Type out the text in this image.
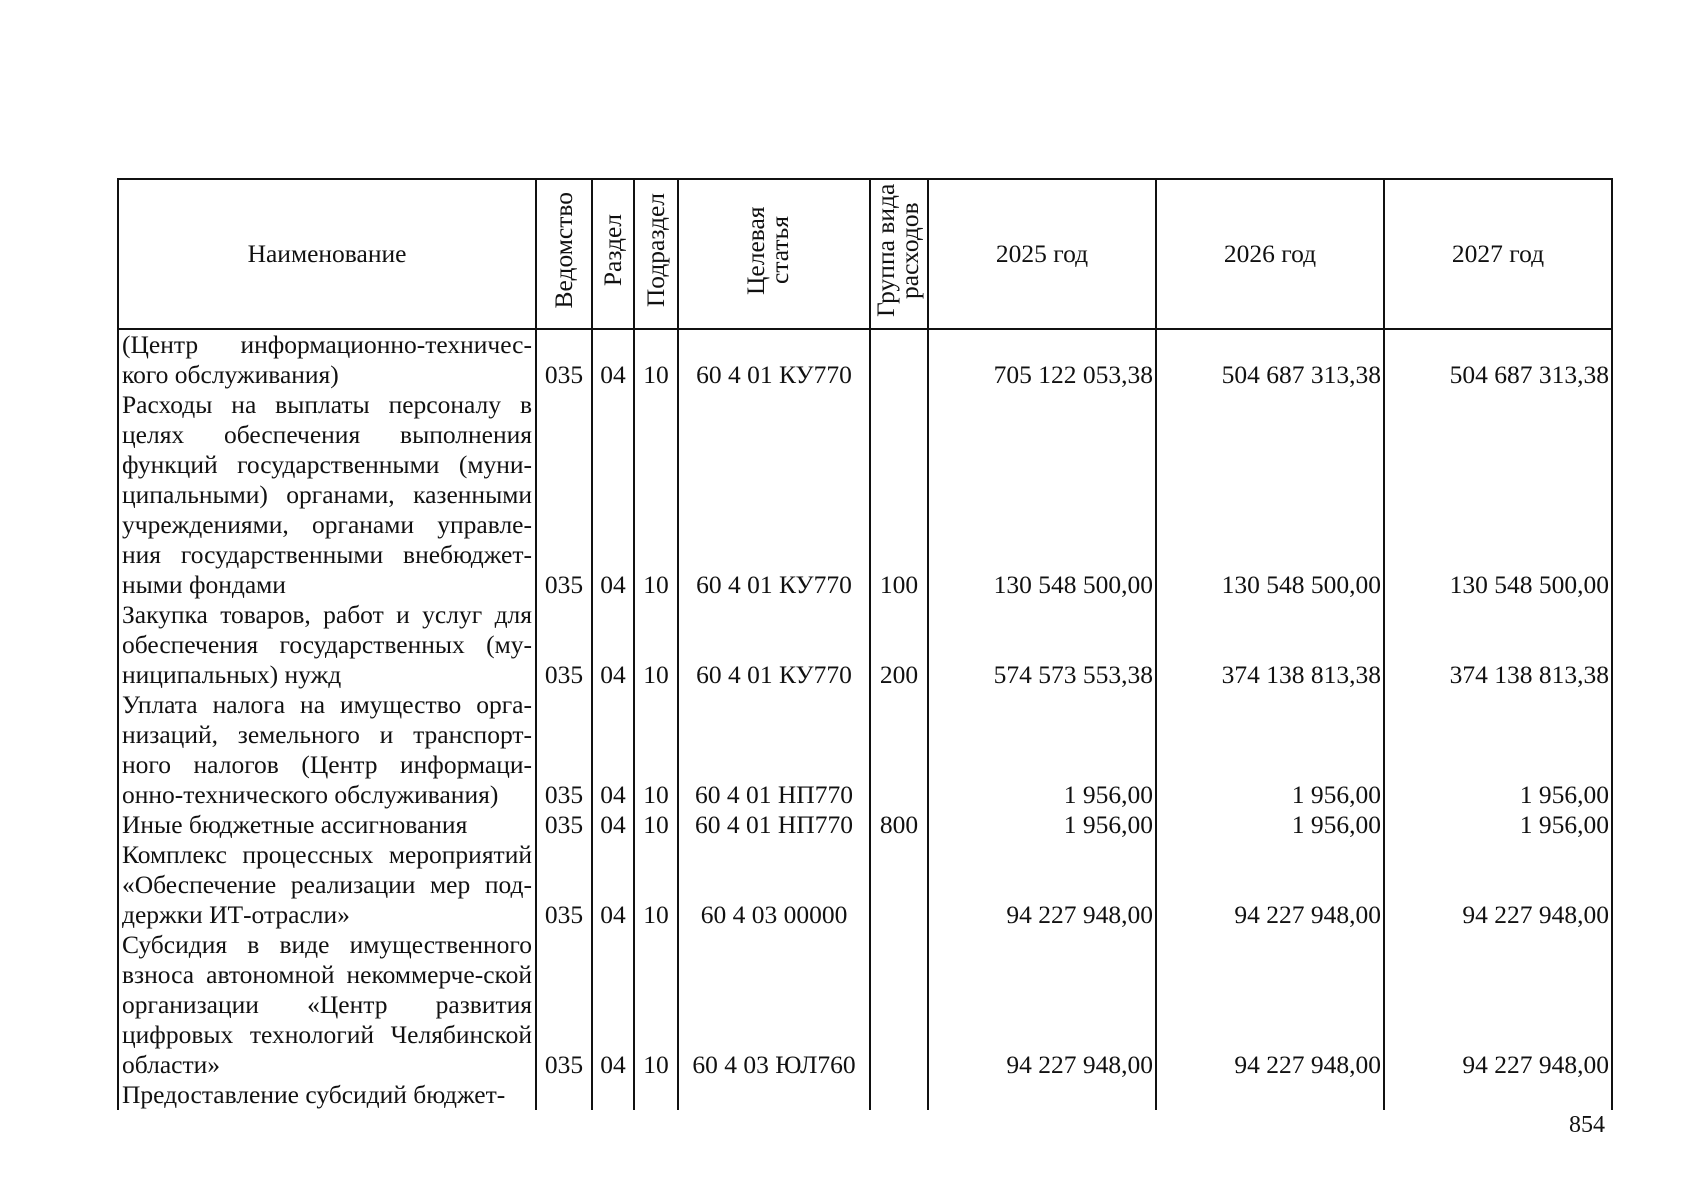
Наименование	Ведомство	Раздел	Подраздел	Целевая статья	Группа вида расходов	2025 год	2026 год	2027 год
(Центр информационно-техничес-кого обслуживания)	035	04	10	60 4 01 КУ770		705 122 053,38	504 687 313,38	504 687 313,38
Расходы на выплаты персоналу в целях обеспечения выполнения функций государственными (муни-ципальными) органами, казенными учреждениями, органами управле-ния государственными внебюджет-ными фондами	035	04	10	60 4 01 КУ770	100	130 548 500,00	130 548 500,00	130 548 500,00
Закупка товаров, работ и услуг для обеспечения государственных (му-ниципальных) нужд	035	04	10	60 4 01 КУ770	200	574 573 553,38	374 138 813,38	374 138 813,38
Уплата налога на имущество орга-низаций, земельного и транспорт-ного налогов (Центр информаци-онно-технического обслуживания)	035	04	10	60 4 01 НП770		1 956,00	1 956,00	1 956,00
Иные бюджетные ассигнования	035	04	10	60 4 01 НП770	800	1 956,00	1 956,00	1 956,00
Комплекс процессных мероприятий «Обеспечение реализации мер под-держки ИТ-отрасли»	035	04	10	60 4 03 00000		94 227 948,00	94 227 948,00	94 227 948,00
Субсидия в виде имущественного взноса автономной некоммерче-ской организации «Центр развития цифровых технологий Челябинской области»	035	04	10	60 4 03 ЮЛ760		94 227 948,00	94 227 948,00	94 227 948,00
Предоставление субсидий бюджет-								
854
